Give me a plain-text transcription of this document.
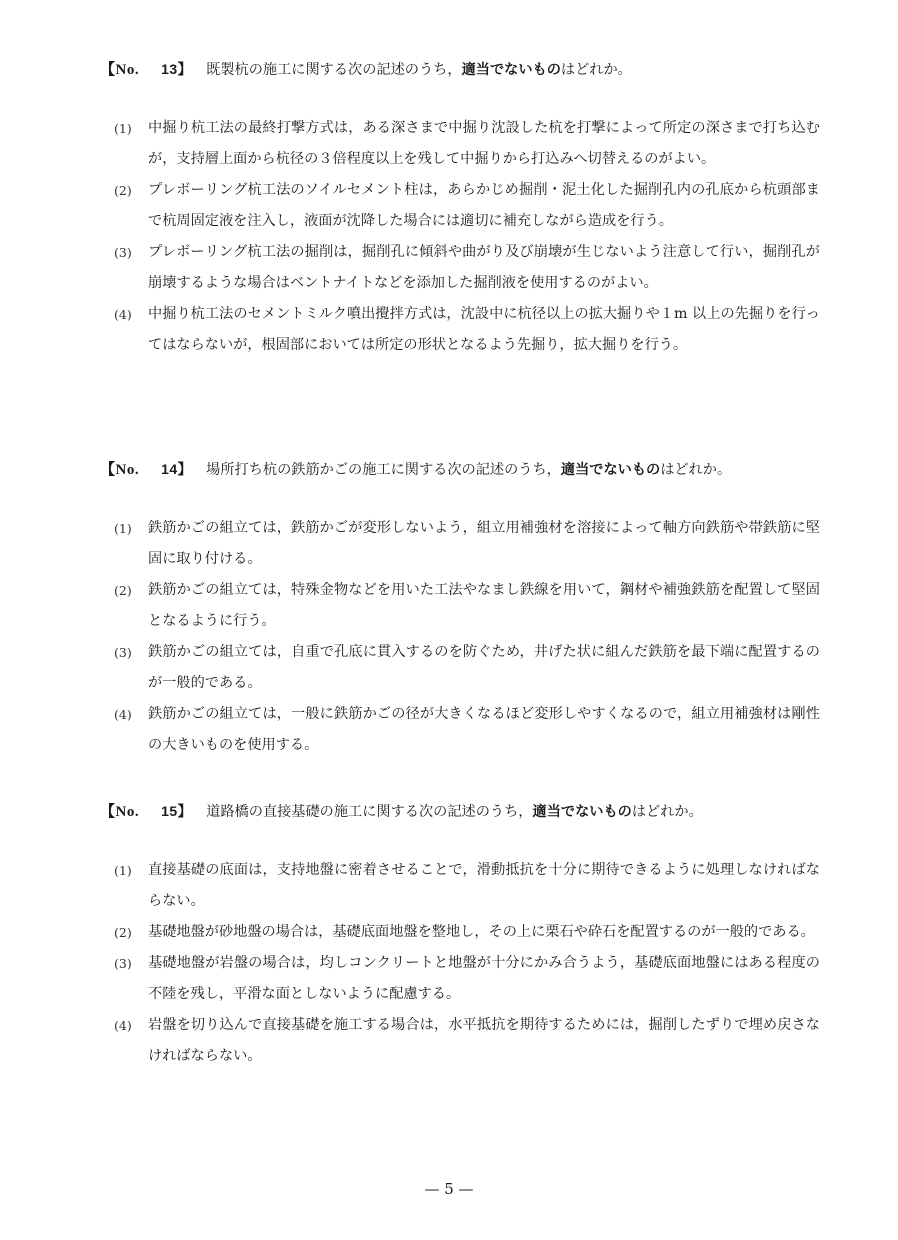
【No. 13】 既製杭の施工に関する次の記述のうち，適当でないものはどれか。
(1) 中掘り杭工法の最終打撃方式は，ある深さまで中掘り沈設した杭を打撃によって所定の深さまで打ち込むが，支持層上面から杭径の３倍程度以上を残して中掘りから打込みへ切替えるのがよい。
(2) プレボーリング杭工法のソイルセメント柱は，あらかじめ掘削・泥土化した掘削孔内の孔底から杭頭部まで杭周固定液を注入し，液面が沈降した場合には適切に補充しながら造成を行う。
(3) プレボーリング杭工法の掘削は，掘削孔に傾斜や曲がり及び崩壊が生じないよう注意して行い，掘削孔が崩壊するような場合はベントナイトなどを添加した掘削液を使用するのがよい。
(4) 中掘り杭工法のセメントミルク噴出攪拌方式は，沈設中に杭径以上の拡大掘りや１m 以上の先掘りを行ってはならないが，根固部においては所定の形状となるよう先掘り，拡大掘りを行う。
【No. 14】 場所打ち杭の鉄筋かごの施工に関する次の記述のうち，適当でないものはどれか。
(1) 鉄筋かごの組立ては，鉄筋かごが変形しないよう，組立用補強材を溶接によって軸方向鉄筋や帯鉄筋に堅固に取り付ける。
(2) 鉄筋かごの組立ては，特殊金物などを用いた工法やなまし鉄線を用いて，鋼材や補強鉄筋を配置して堅固となるように行う。
(3) 鉄筋かごの組立ては，自重で孔底に貫入するのを防ぐため，井げた状に組んだ鉄筋を最下端に配置するのが一般的である。
(4) 鉄筋かごの組立ては，一般に鉄筋かごの径が大きくなるほど変形しやすくなるので，組立用補強材は剛性の大きいものを使用する。
【No. 15】 道路橋の直接基礎の施工に関する次の記述のうち，適当でないものはどれか。
(1) 直接基礎の底面は，支持地盤に密着させることで，滑動抵抗を十分に期待できるように処理しなければならない。
(2) 基礎地盤が砂地盤の場合は，基礎底面地盤を整地し，その上に栗石や砕石を配置するのが一般的である。
(3) 基礎地盤が岩盤の場合は，均しコンクリートと地盤が十分にかみ合うよう，基礎底面地盤にはある程度の不陸を残し，平滑な面としないように配慮する。
(4) 岩盤を切り込んで直接基礎を施工する場合は，水平抵抗を期待するためには，掘削したずりで埋め戻さなければならない。
— 5 —
